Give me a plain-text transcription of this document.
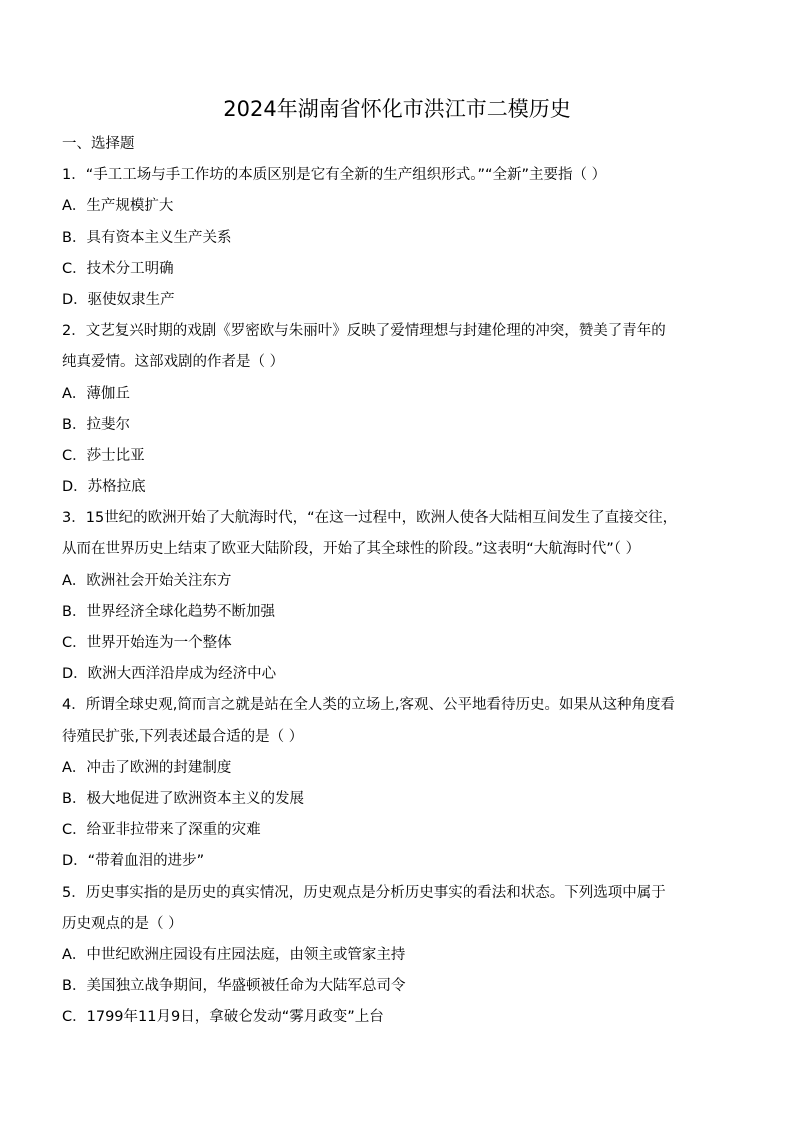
2024年湖南省怀化市洪江市二模历史
一、选择题
1．“手工工场与手工作坊的本质区别是它有全新的生产组织形式。”“全新”主要指（ ）
A．生产规模扩大
B．具有资本主义生产关系
C．技术分工明确
D．驱使奴隶生产
2．文艺复兴时期的戏剧《罗密欧与朱丽叶》反映了爱情理想与封建伦理的冲突，赞美了青年的
纯真爱情。这部戏剧的作者是（ ）
A．薄伽丘
B．拉斐尔
C．莎士比亚
D．苏格拉底
3．15世纪的欧洲开始了大航海时代，“在这一过程中，欧洲人使各大陆相互间发生了直接交往，
从而在世界历史上结束了欧亚大陆阶段，开始了其全球性的阶段。”这表明“大航海时代”（ ）
A．欧洲社会开始关注东方
B．世界经济全球化趋势不断加强
C．世界开始连为一个整体
D．欧洲大西洋沿岸成为经济中心
4．所谓全球史观,简而言之就是站在全人类的立场上,客观、公平地看待历史。如果从这种角度看
待殖民扩张,下列表述最合适的是（ ）
A．冲击了欧洲的封建制度
B．极大地促进了欧洲资本主义的发展
C．给亚非拉带来了深重的灾难
D．“带着血泪的进步”
5．历史事实指的是历史的真实情况，历史观点是分析历史事实的看法和状态。下列选项中属于
历史观点的是（ ）
A．中世纪欧洲庄园设有庄园法庭，由领主或管家主持
B．美国独立战争期间，华盛顿被任命为大陆军总司令
C．1799年11月9日，拿破仑发动“雾月政变”上台
